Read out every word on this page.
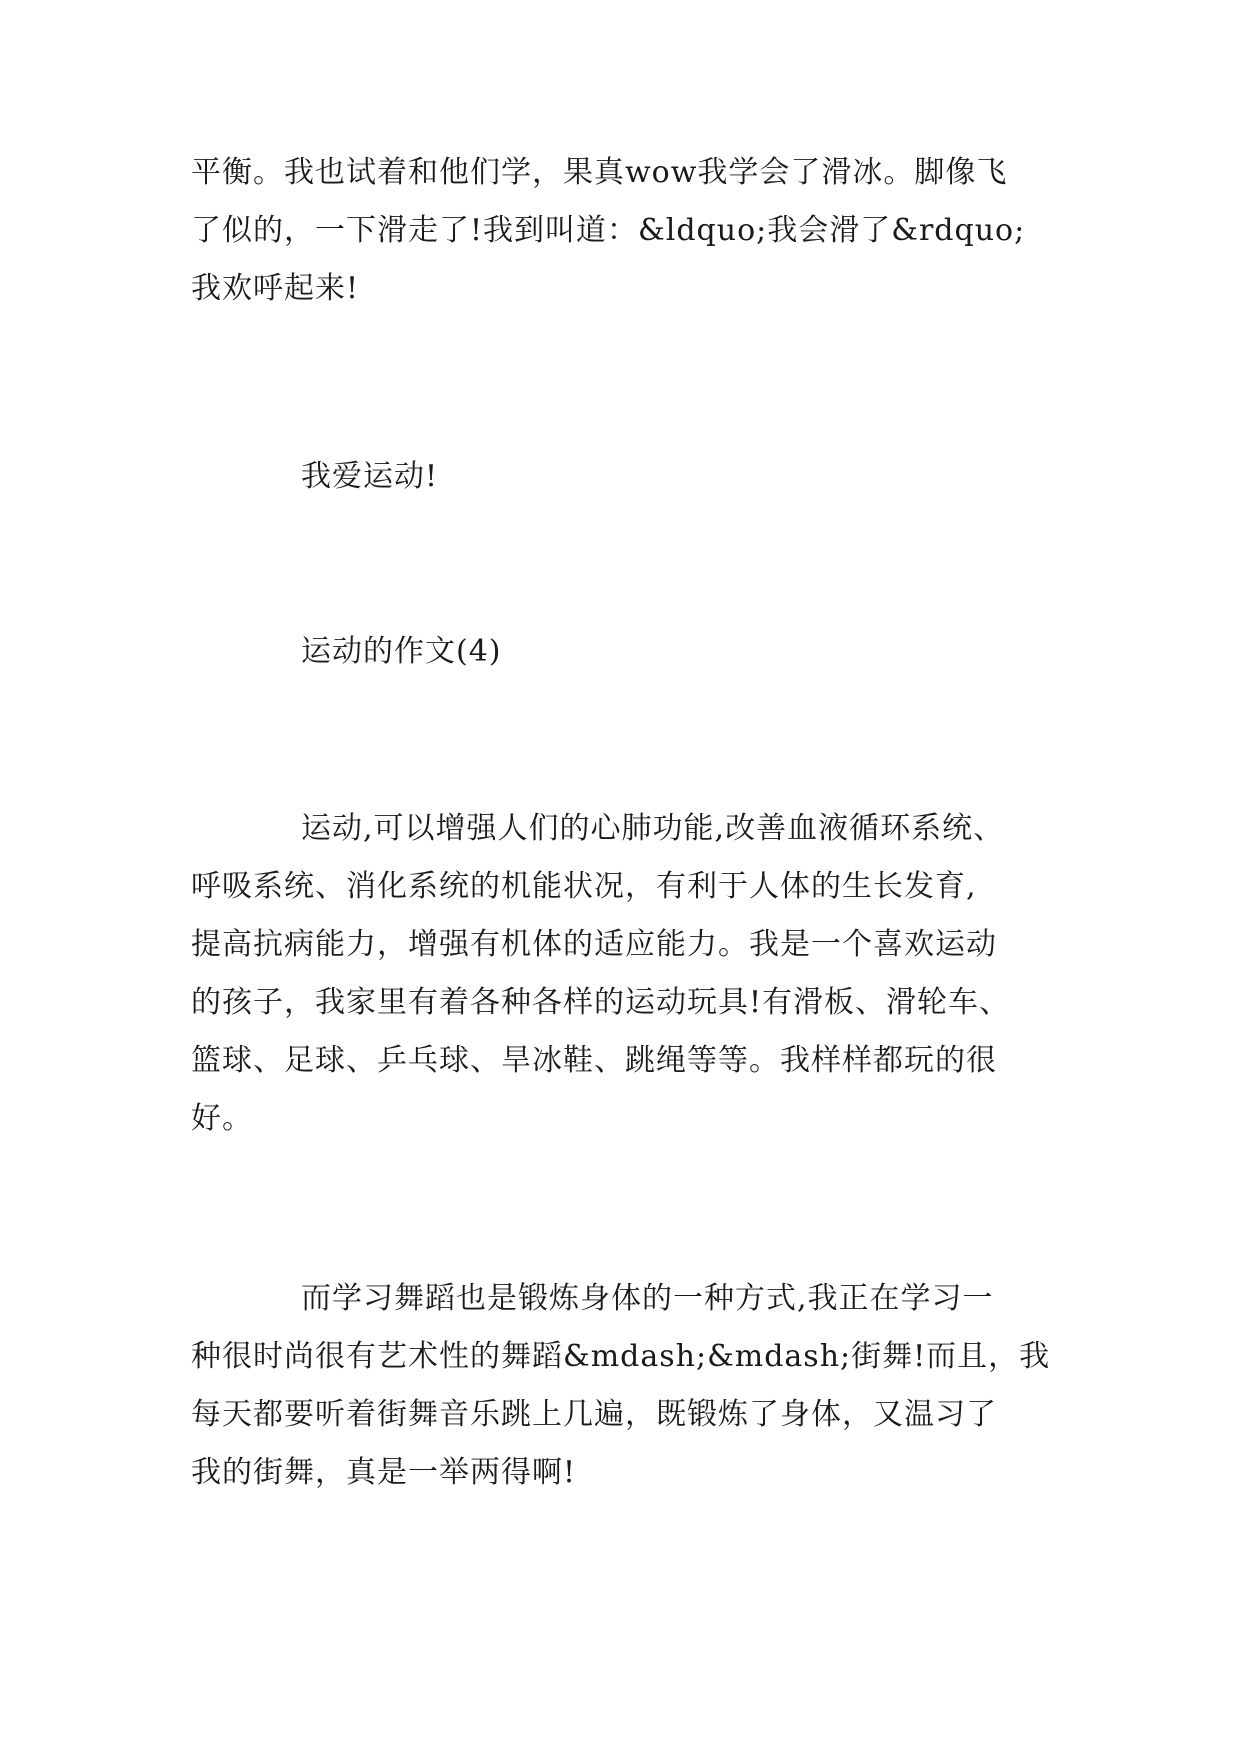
平衡。我也试着和他们学，果真wow我学会了滑冰。脚像飞
了似的，一下滑走了!我到叫道：&ldquo;我会滑了&rdquo;
我欢呼起来!
我爱运动!
运动的作文(4)
运动,可以增强人们的心肺功能,改善血液循环系统、
呼吸系统、消化系统的机能状况，有利于人体的生长发育,
提高抗病能力，增强有机体的适应能力。我是一个喜欢运动
的孩子，我家里有着各种各样的运动玩具!有滑板、滑轮车、
篮球、足球、乒乓球、旱冰鞋、跳绳等等。我样样都玩的很
好。
而学习舞蹈也是锻炼身体的一种方式,我正在学习一
种很时尚很有艺术性的舞蹈&mdash;&mdash;街舞!而且，我
每天都要听着街舞音乐跳上几遍，既锻炼了身体，又温习了
我的街舞，真是一举两得啊!
